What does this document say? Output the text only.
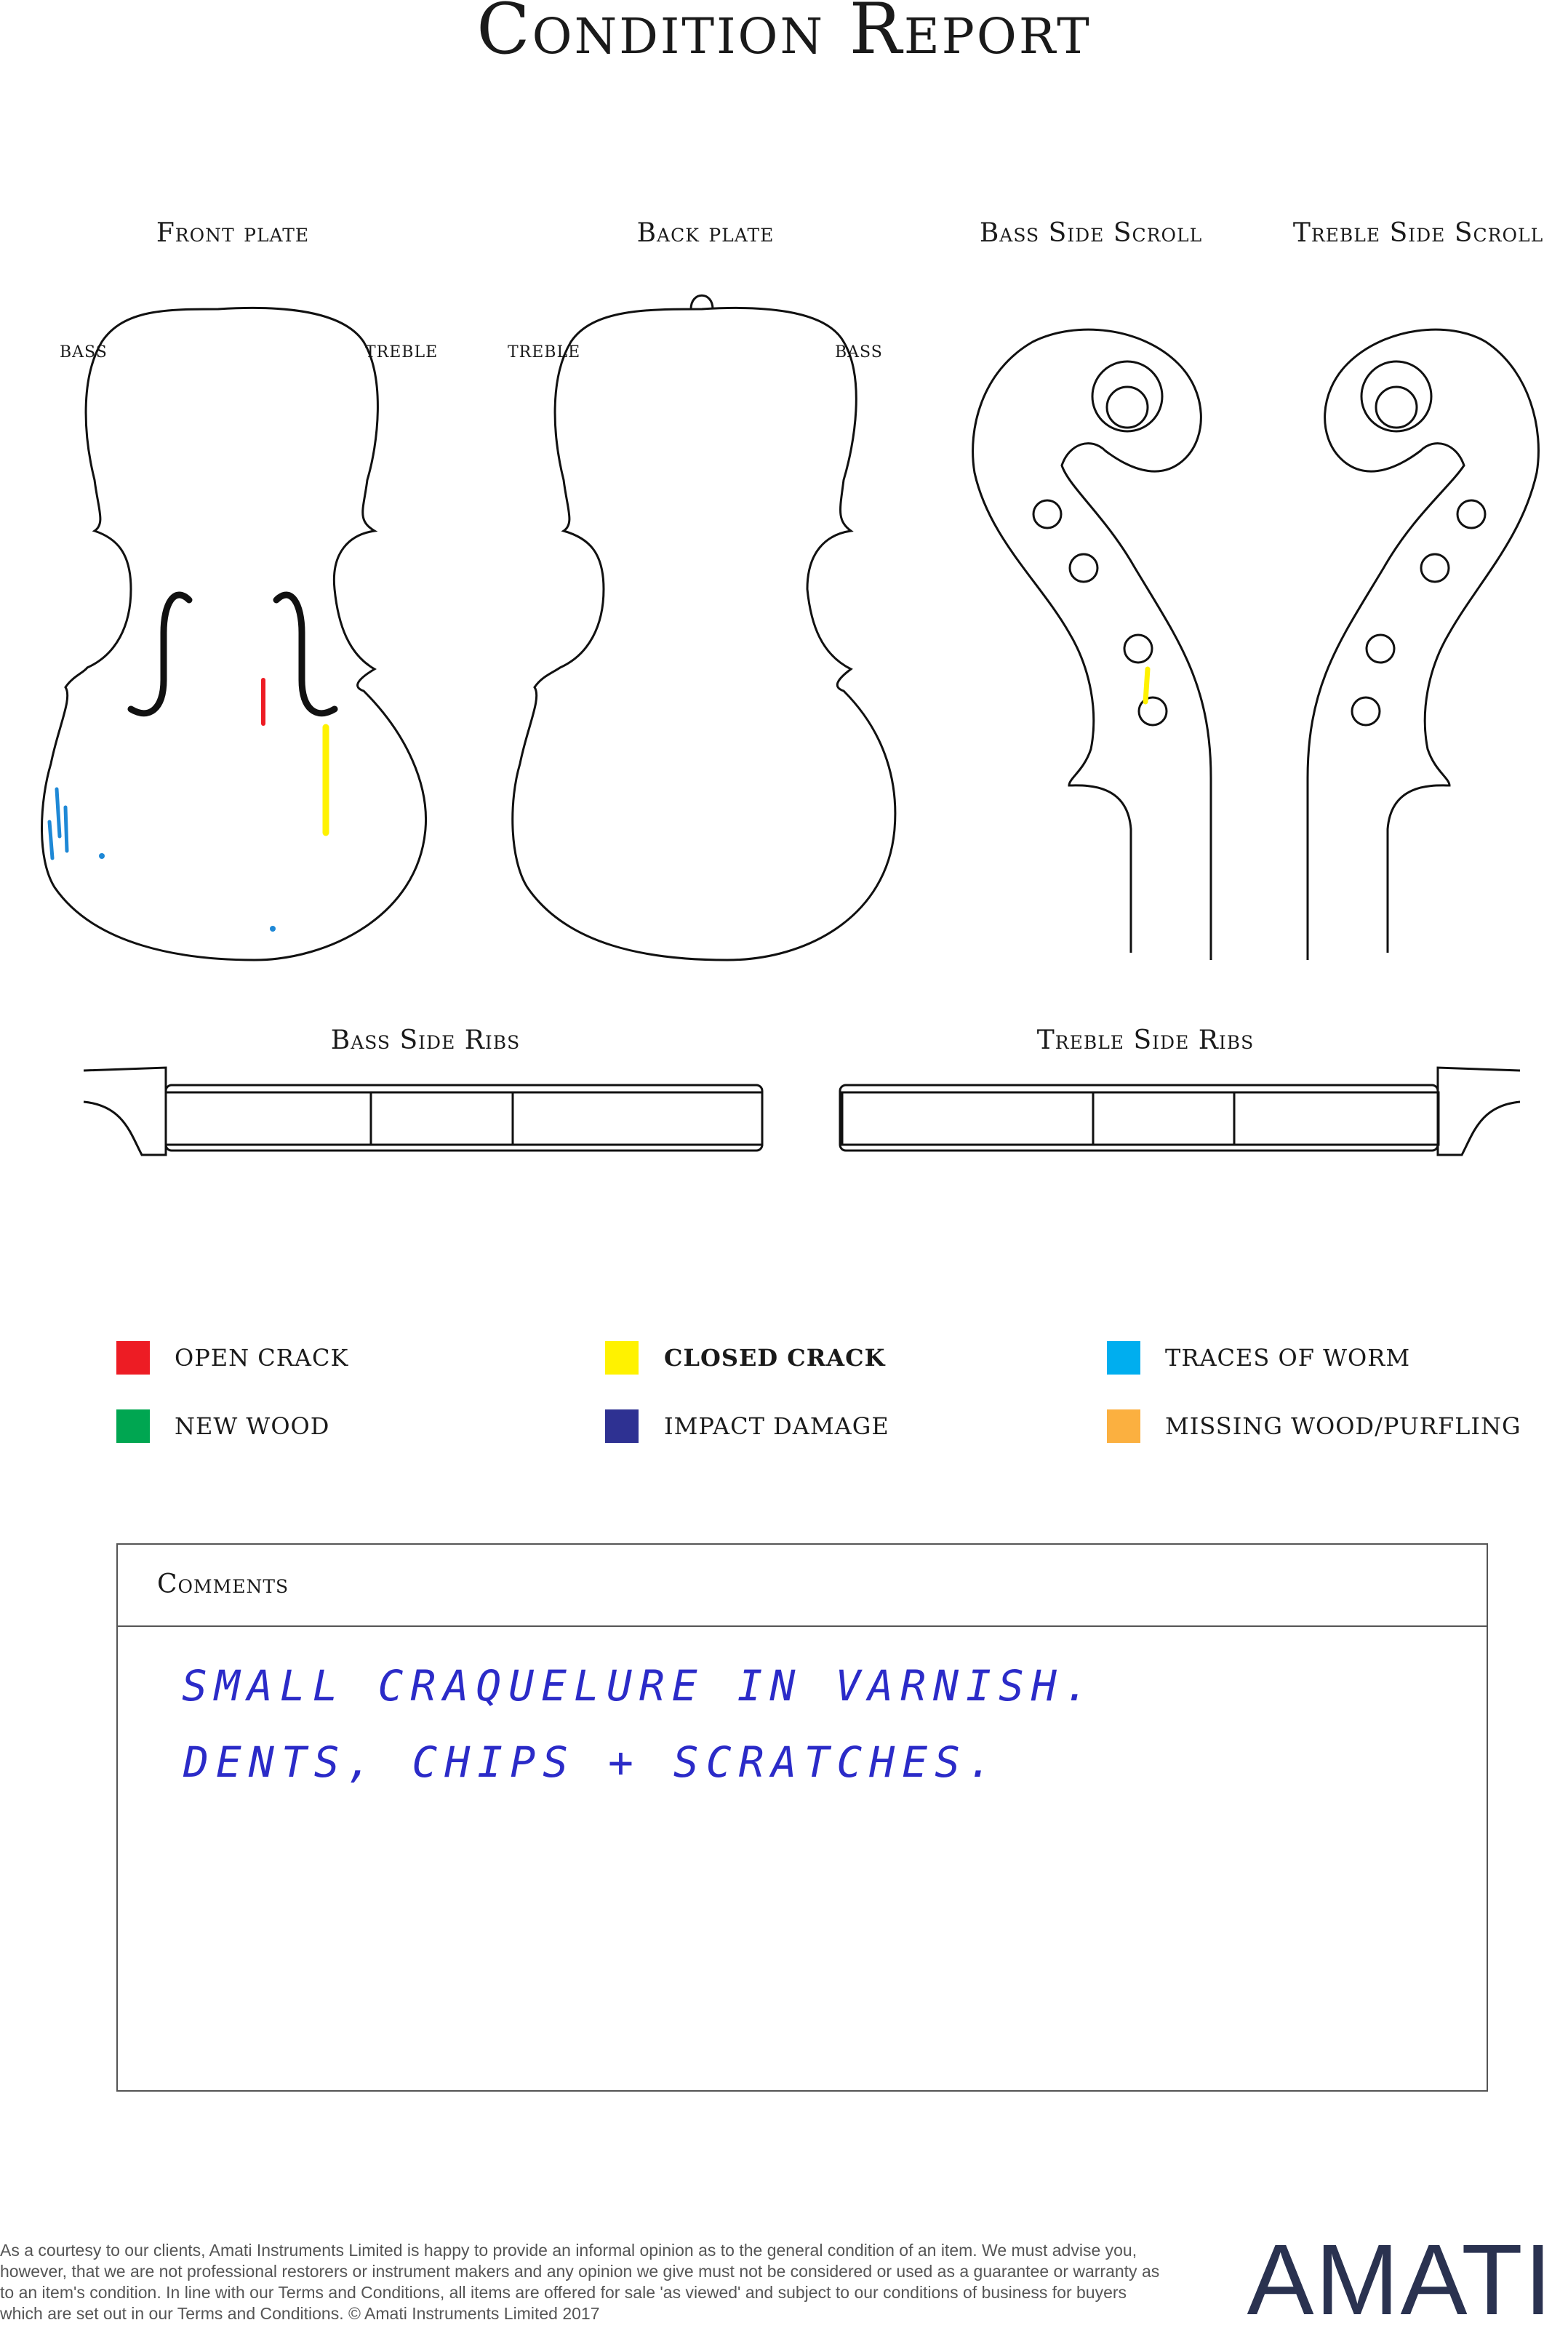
Condition Report
Front plate	Back plate	Bass Side Scroll	Treble Side Scroll
BASS	TREBLE	TREBLE	BASS
Bass Side Ribs	Treble Side Ribs
OPEN CRACK	CLOSED CRACK	TRACES OF WORM
NEW WOOD	IMPACT DAMAGE	MISSING WOOD/PURFLING
Comments
SMALL CRAQUELURE IN VARNISH.
DENTS, CHIPS + SCRATCHES.
As a courtesy to our clients, Amati Instruments Limited is happy to provide an informal opinion as to the general condition of an item. We must advise you, however, that we are not professional restorers or instrument makers and any opinion we give must not be considered or used as a guarantee or warranty as to an item's condition. In line with our Terms and Conditions, all items are offered for sale 'as viewed' and subject to our conditions of business for buyers which are set out in our Terms and Conditions. © Amati Instruments Limited 2017	AMATI
